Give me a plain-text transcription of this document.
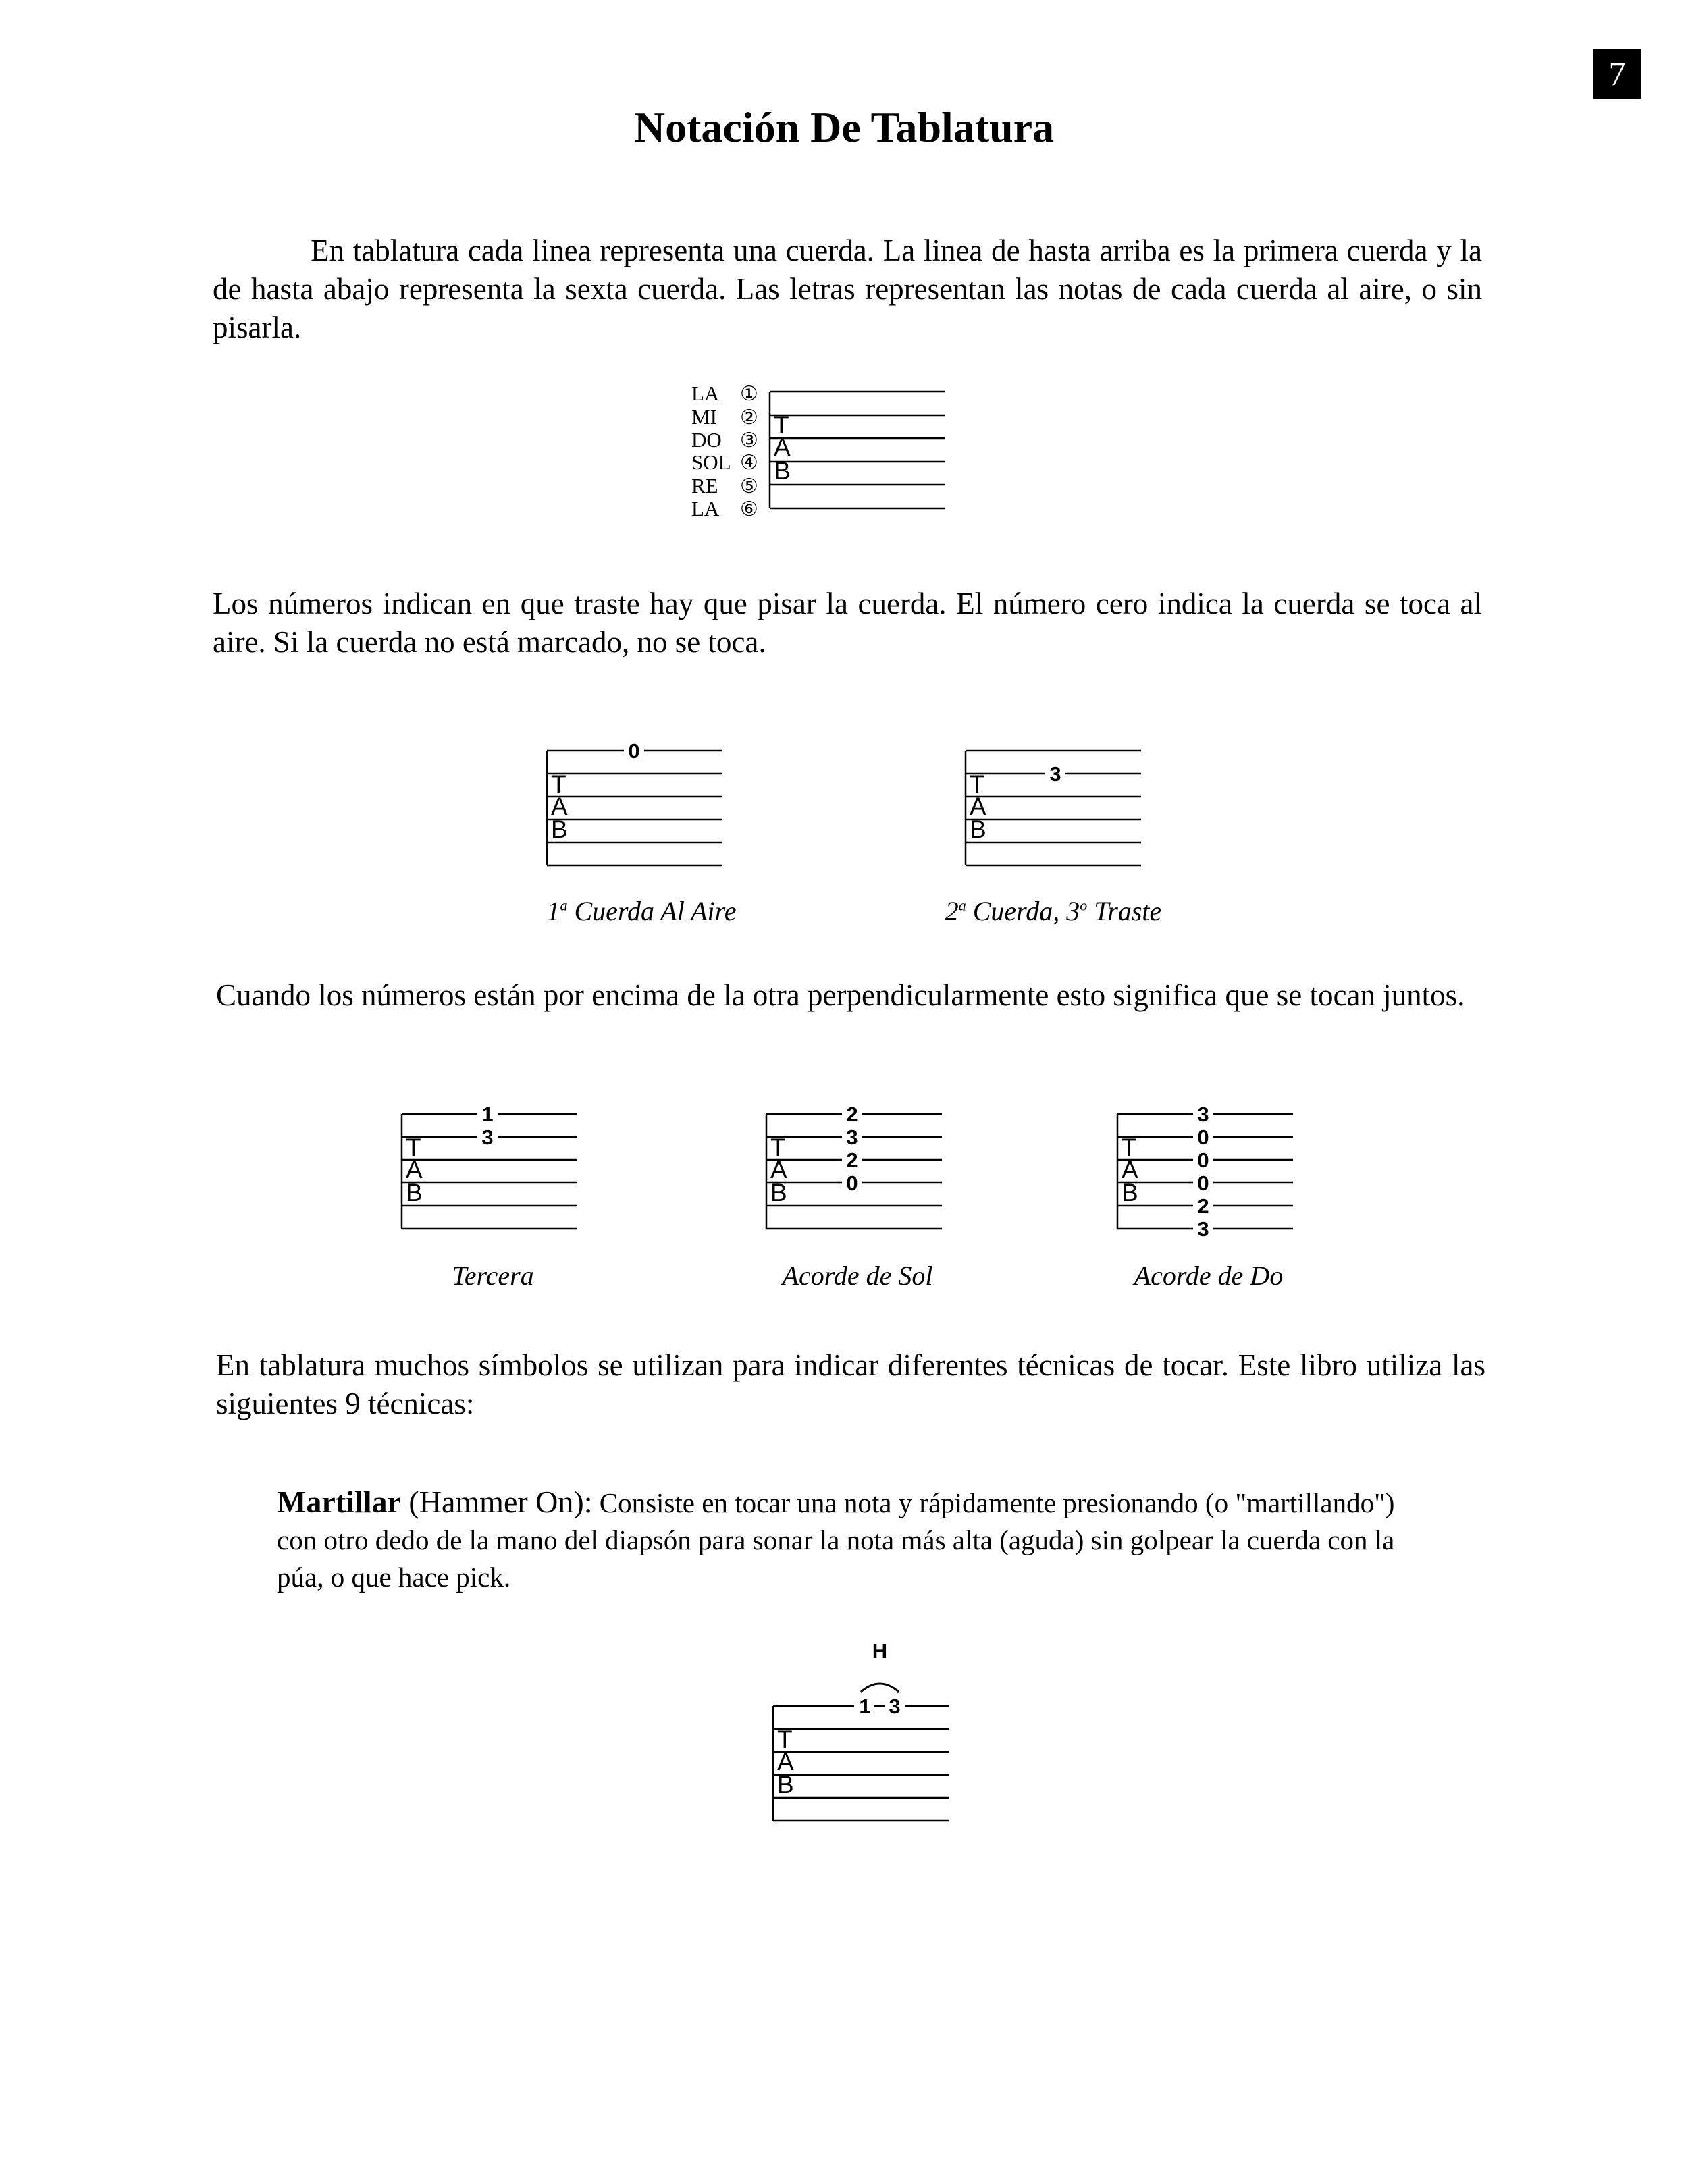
7
Notación De Tablatura

En tablatura cada linea representa una cuerda. La linea de hasta arriba es la primera cuerda y la de hasta abajo representa la sexta cuerda. Las letras representan las notas de cada cuerda al aire, o sin pisarla.

LA
MI
DO
SOL
RE
LA
①
②
③
④
⑤
⑥
T
A
B

Los números indican en que traste hay que pisar la cuerda. El número cero indica la cuerda se toca al aire. Si la cuerda no está marcado, no se toca.

T
A
B
0
1$^a$ Cuerda Al Aire
T
A
B
3
2$^a$ Cuerda, 3$^o$ Traste

Cuando los números están por encima de la otra perpendicularmente esto significa que se tocan juntos.

T
A
B
1
3
Tercera
T
A
B
2
3
2
0
Acorde de Sol
T
A
B
3
0
0
0
2
3
Acorde de Do

En tablatura muchos símbolos se utilizan para indicar diferentes técnicas de tocar. Este libro utiliza las siguientes 9 técnicas:

Martillar (Hammer On): Consiste en tocar una nota y rápidamente presionando (o "martillando") con otro dedo de la mano del diapsón para sonar la nota más alta (aguda) sin golpear la cuerda con la púa, o que hace pick.

H
T
A
B
1 3
